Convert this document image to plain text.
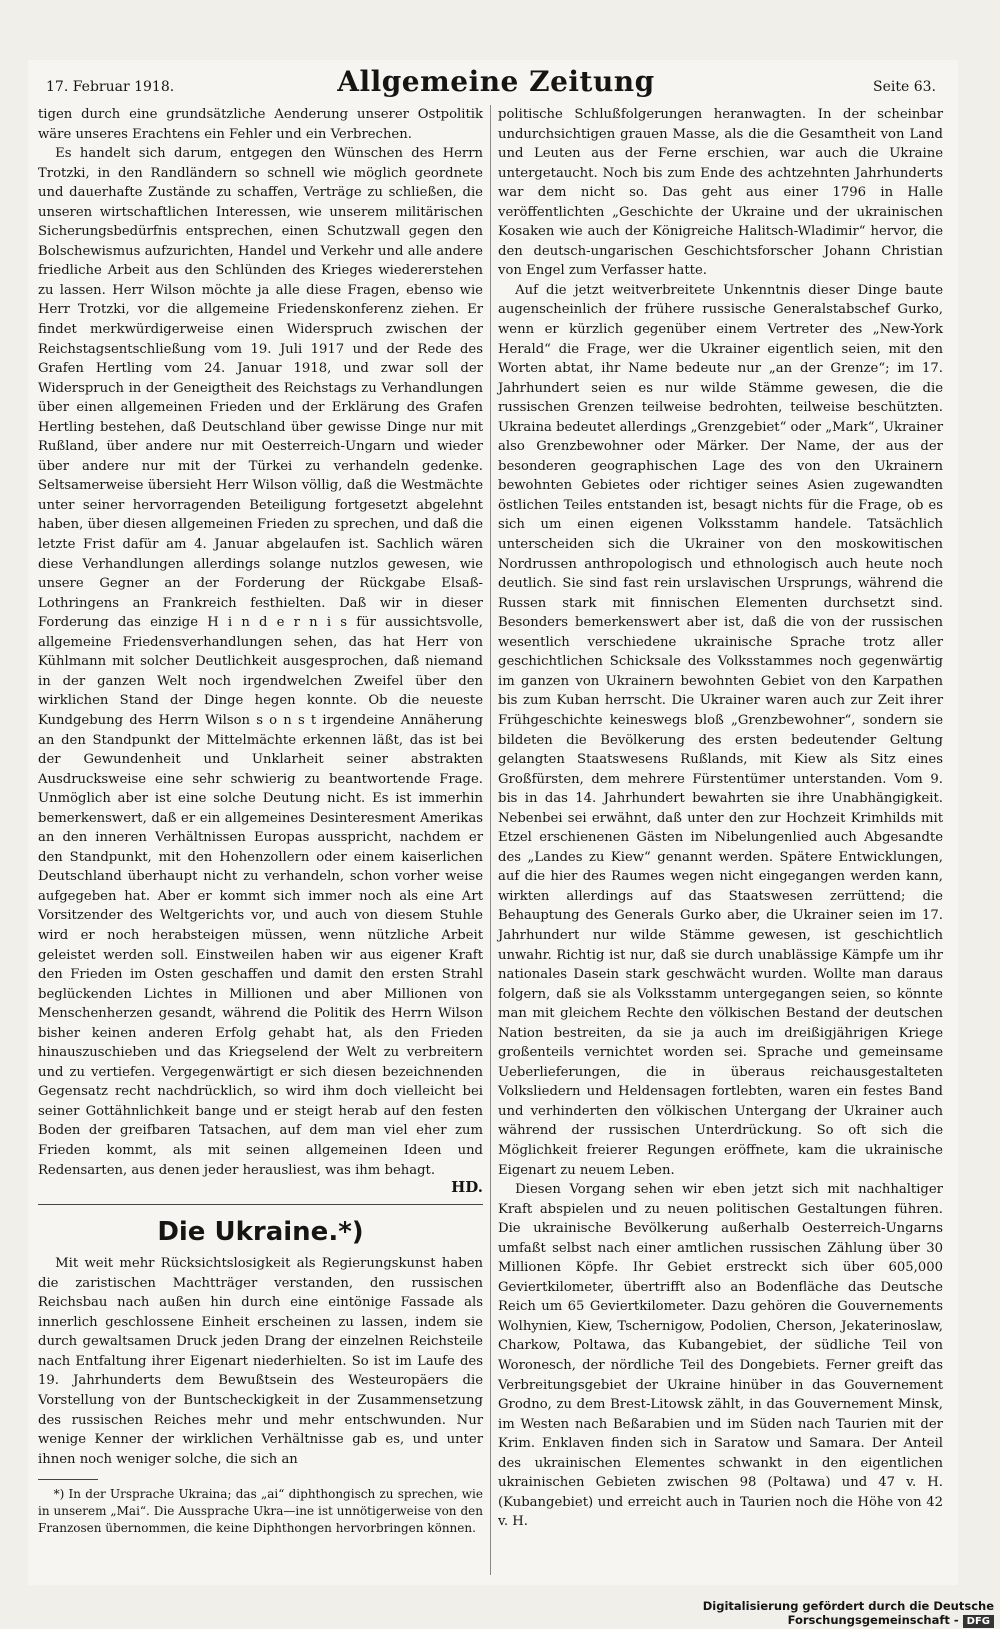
17. Februar 1918.	Allgemeine Zeitung	Seite 63.

tigen durch eine grundsätzliche Aenderung unserer Ostpolitik wäre unseres Erachtens ein Fehler und ein Verbrechen.

Es handelt sich darum, entgegen den Wünschen des Herrn Trotzki, in den Randländern so schnell wie möglich geordnete und dauerhafte Zustände zu schaffen, Verträge zu schließen, die unseren wirtschaftlichen Interessen, wie unserem militärischen Sicherungsbedürfnis entsprechen, einen Schutzwall gegen den Bolschewismus aufzurichten, Handel und Verkehr und alle andere friedliche Arbeit aus den Schlünden des Krieges wiedererstehen zu lassen. Herr Wilson möchte ja alle diese Fragen, ebenso wie Herr Trotzki, vor die allgemeine Friedenskonferenz ziehen. Er findet merkwürdigerweise einen Widerspruch zwischen der Reichstagsentschließung vom 19. Juli 1917 und der Rede des Grafen Hertling vom 24. Januar 1918, und zwar soll der Widerspruch in der Geneigtheit des Reichstags zu Verhandlungen über einen allgemeinen Frieden und der Erklärung des Grafen Hertling bestehen, daß Deutschland über gewisse Dinge nur mit Rußland, über andere nur mit Oesterreich-Ungarn und wieder über andere nur mit der Türkei zu verhandeln gedenke. Seltsamerweise übersieht Herr Wilson völlig, daß die Westmächte unter seiner hervorragenden Beteiligung fortgesetzt abgelehnt haben, über diesen allgemeinen Frieden zu sprechen, und daß die letzte Frist dafür am 4. Januar abgelaufen ist. Sachlich wären diese Verhandlungen allerdings solange nutzlos gewesen, wie unsere Gegner an der Forderung der Rückgabe Elsaß-Lothringens an Frankreich festhielten. Daß wir in dieser Forderung das einzige H i n d e r n i s für aussichtsvolle, allgemeine Friedensverhandlungen sehen, das hat Herr von Kühlmann mit solcher Deutlichkeit ausgesprochen, daß niemand in der ganzen Welt noch irgendwelchen Zweifel über den wirklichen Stand der Dinge hegen konnte. Ob die neueste Kundgebung des Herrn Wilson s o n s t irgendeine Annäherung an den Standpunkt der Mittelmächte erkennen läßt, das ist bei der Gewundenheit und Unklarheit seiner abstrakten Ausdrucksweise eine sehr schwierig zu beantwortende Frage. Unmöglich aber ist eine solche Deutung nicht. Es ist immerhin bemerkenswert, daß er ein allgemeines Desinteresment Amerikas an den inneren Verhältnissen Europas ausspricht, nachdem er den Standpunkt, mit den Hohenzollern oder einem kaiserlichen Deutschland überhaupt nicht zu verhandeln, schon vorher weise aufgegeben hat. Aber er kommt sich immer noch als eine Art Vorsitzender des Weltgerichts vor, und auch von diesem Stuhle wird er noch herabsteigen müssen, wenn nützliche Arbeit geleistet werden soll. Einstweilen haben wir aus eigener Kraft den Frieden im Osten geschaffen und damit den ersten Strahl beglückenden Lichtes in Millionen und aber Millionen von Menschenherzen gesandt, während die Politik des Herrn Wilson bisher keinen anderen Erfolg gehabt hat, als den Frieden hinauszuschieben und das Kriegselend der Welt zu verbreitern und zu vertiefen. Vergegenwärtigt er sich diesen bezeichnenden Gegensatz recht nachdrücklich, so wird ihm doch vielleicht bei seiner Gottähnlichkeit bange und er steigt herab auf den festen Boden der greifbaren Tatsachen, auf dem man viel eher zum Frieden kommt, als mit seinen allgemeinen Ideen und Redensarten, aus denen jeder herausliest, was ihm behagt.

HD.
Die Ukraine.*)

Mit weit mehr Rücksichtslosigkeit als Regierungskunst haben die zaristischen Machtträger verstanden, den russischen Reichsbau nach außen hin durch eine eintönige Fassade als innerlich geschlossene Einheit erscheinen zu lassen, indem sie durch gewaltsamen Druck jeden Drang der einzelnen Reichsteile nach Entfaltung ihrer Eigenart niederhielten. So ist im Laufe des 19. Jahrhunderts dem Bewußtsein des Westeuropäers die Vorstellung von der Buntscheckigkeit in der Zusammensetzung des russischen Reiches mehr und mehr entschwunden. Nur wenige Kenner der wirklichen Verhältnisse gab es, und unter ihnen noch weniger solche, die sich an

*) In der Ursprache Ukraina; das „ai“ diphthongisch zu sprechen, wie in unserem „Mai“. Die Aussprache Ukra—ine ist unnötigerweise von den Franzosen übernommen, die keine Diphthongen hervorbringen können.

politische Schlußfolgerungen heranwagten. In der scheinbar undurchsichtigen grauen Masse, als die die Gesamtheit von Land und Leuten aus der Ferne erschien, war auch die Ukraine untergetaucht. Noch bis zum Ende des achtzehnten Jahrhunderts war dem nicht so. Das geht aus einer 1796 in Halle veröffentlichten „Geschichte der Ukraine und der ukrainischen Kosaken wie auch der Königreiche Halitsch-Wladimir“ hervor, die den deutsch-ungarischen Geschichtsforscher Johann Christian von Engel zum Verfasser hatte.

Auf die jetzt weitverbreitete Unkenntnis dieser Dinge baute augenscheinlich der frühere russische Generalstabschef Gurko, wenn er kürzlich gegenüber einem Vertreter des „New-York Herald“ die Frage, wer die Ukrainer eigentlich seien, mit den Worten abtat, ihr Name bedeute nur „an der Grenze“; im 17. Jahrhundert seien es nur wilde Stämme gewesen, die die russischen Grenzen teilweise bedrohten, teilweise beschützten. Ukraina bedeutet allerdings „Grenzgebiet“ oder „Mark“, Ukrainer also Grenzbewohner oder Märker. Der Name, der aus der besonderen geographischen Lage des von den Ukrainern bewohnten Gebietes oder richtiger seines Asien zugewandten östlichen Teiles entstanden ist, besagt nichts für die Frage, ob es sich um einen eigenen Volksstamm handele. Tatsächlich unterscheiden sich die Ukrainer von den moskowitischen Nordrussen anthropologisch und ethnologisch auch heute noch deutlich. Sie sind fast rein urslavischen Ursprungs, während die Russen stark mit finnischen Elementen durchsetzt sind. Besonders bemerkenswert aber ist, daß die von der russischen wesentlich verschiedene ukrainische Sprache trotz aller geschichtlichen Schicksale des Volksstammes noch gegenwärtig im ganzen von Ukrainern bewohnten Gebiet von den Karpathen bis zum Kuban herrscht. Die Ukrainer waren auch zur Zeit ihrer Frühgeschichte keineswegs bloß „Grenzbewohner“, sondern sie bildeten die Bevölkerung des ersten bedeutender Geltung gelangten Staatswesens Rußlands, mit Kiew als Sitz eines Großfürsten, dem mehrere Fürstentümer unterstanden. Vom 9. bis in das 14. Jahrhundert bewahrten sie ihre Unabhängigkeit. Nebenbei sei erwähnt, daß unter den zur Hochzeit Krimhilds mit Etzel erschienenen Gästen im Nibelungenlied auch Abgesandte des „Landes zu Kiew“ genannt werden. Spätere Entwicklungen, auf die hier des Raumes wegen nicht eingegangen werden kann, wirkten allerdings auf das Staatswesen zerrüttend; die Behauptung des Generals Gurko aber, die Ukrainer seien im 17. Jahrhundert nur wilde Stämme gewesen, ist geschichtlich unwahr. Richtig ist nur, daß sie durch unablässige Kämpfe um ihr nationales Dasein stark geschwächt wurden. Wollte man daraus folgern, daß sie als Volksstamm untergegangen seien, so könnte man mit gleichem Rechte den völkischen Bestand der deutschen Nation bestreiten, da sie ja auch im dreißigjährigen Kriege großenteils vernichtet worden sei. Sprache und gemeinsame Ueberlieferungen, die in überaus reichausgestalteten Volksliedern und Heldensagen fortlebten, waren ein festes Band und verhinderten den völkischen Untergang der Ukrainer auch während der russischen Unterdrückung. So oft sich die Möglichkeit freierer Regungen eröffnete, kam die ukrainische Eigenart zu neuem Leben.

Diesen Vorgang sehen wir eben jetzt sich mit nachhaltiger Kraft abspielen und zu neuen politischen Gestaltungen führen. Die ukrainische Bevölkerung außerhalb Oesterreich-Ungarns umfaßt selbst nach einer amtlichen russischen Zählung über 30 Millionen Köpfe. Ihr Gebiet erstreckt sich über 605,000 Geviertkilometer, übertrifft also an Bodenfläche das Deutsche Reich um 65 Geviertkilometer. Dazu gehören die Gouvernements Wolhynien, Kiew, Tschernigow, Podolien, Cherson, Jekaterinoslaw, Charkow, Poltawa, das Kubangebiet, der südliche Teil von Woronesch, der nördliche Teil des Dongebiets. Ferner greift das Verbreitungsgebiet der Ukraine hinüber in das Gouvernement Grodno, zu dem Brest-Litowsk zählt, in das Gouvernement Minsk, im Westen nach Beßarabien und im Süden nach Taurien mit der Krim. Enklaven finden sich in Saratow und Samara. Der Anteil des ukrainischen Elementes schwankt in den eigentlichen ukrainischen Gebieten zwischen 98 (Poltawa) und 47 v. H. (Kubangebiet) und erreicht auch in Taurien noch die Höhe von 42 v. H.

Digitalisierung gefördert durch die Deutsche Forschungsgemeinschaft - DFG
